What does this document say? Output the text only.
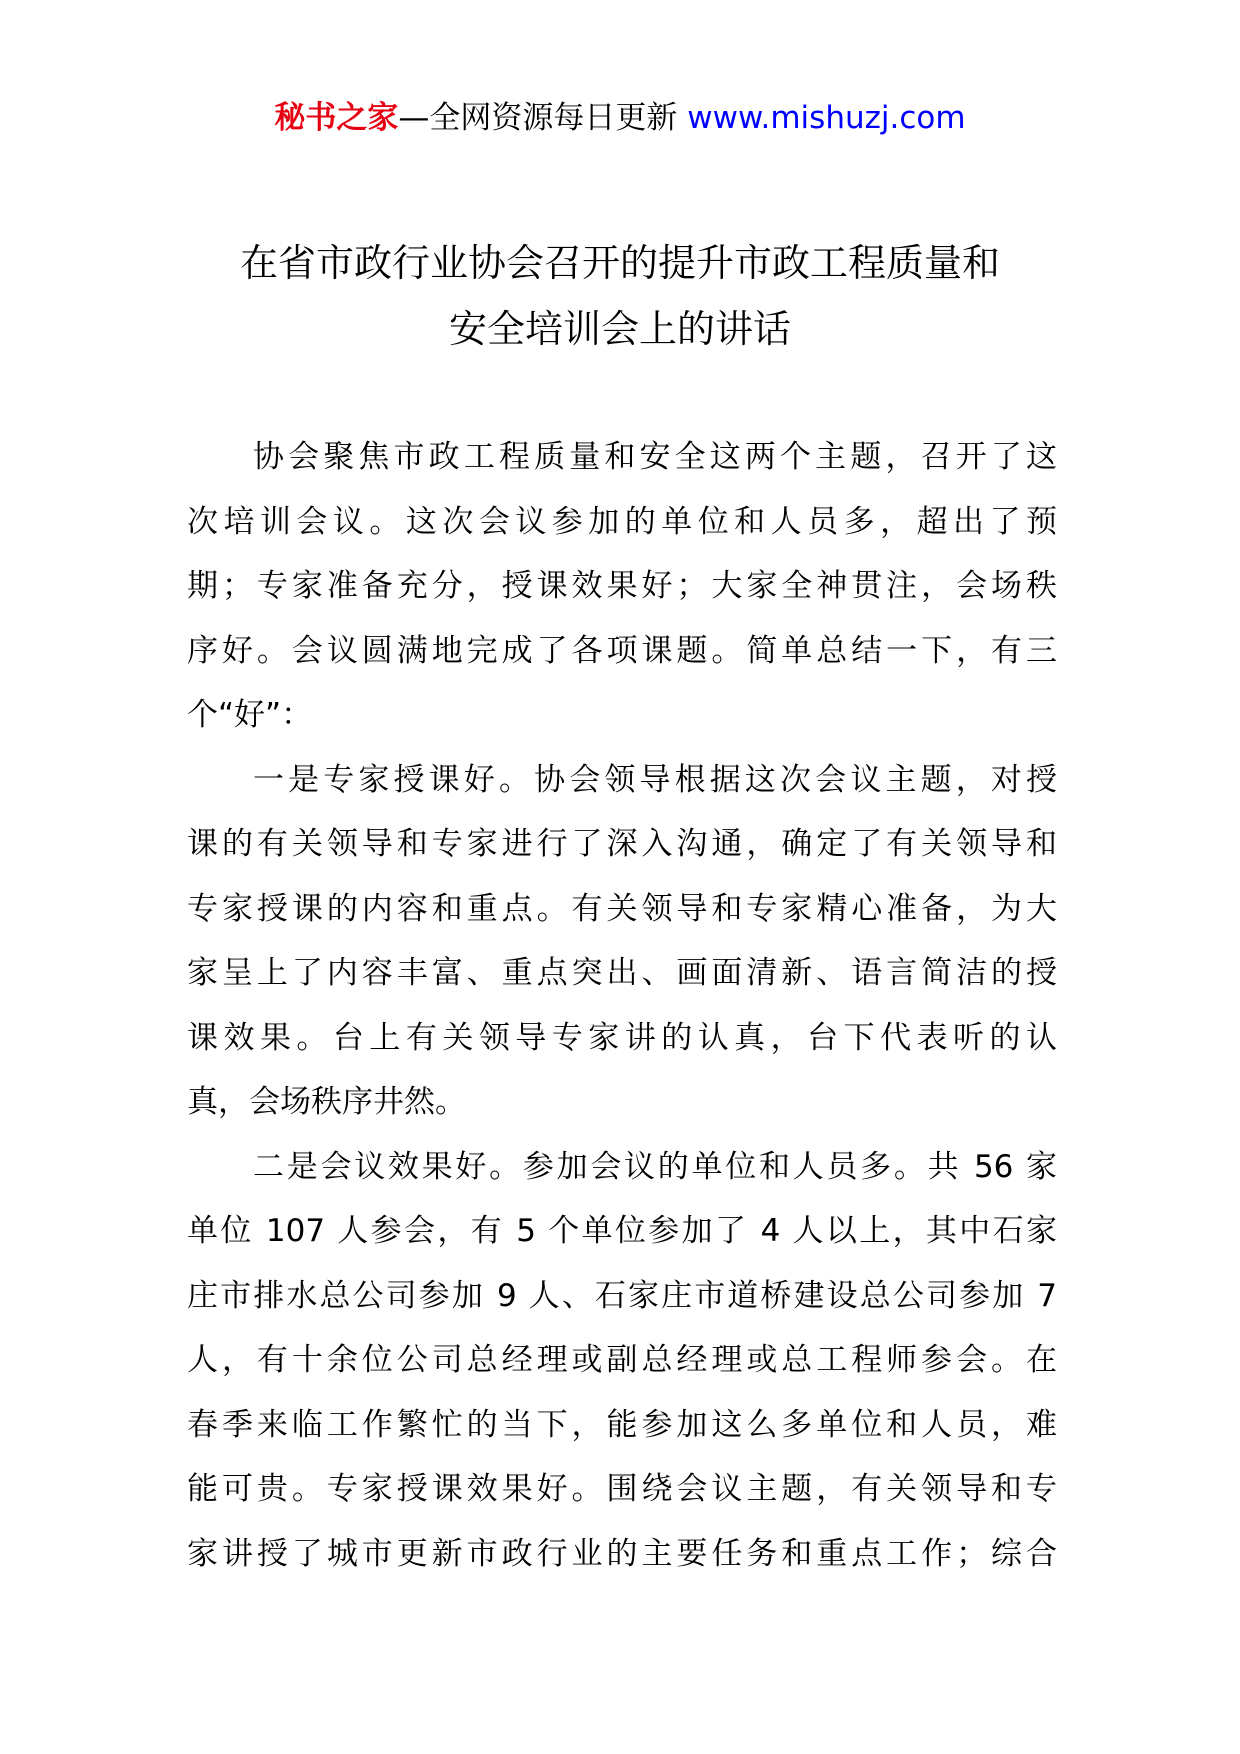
秘书之家—全网资源每日更新 www.mishuzj.com
在省市政行业协会召开的提升市政工程质量和
安全培训会上的讲话
协会聚焦市政工程质量和安全这两个主题，召开了这
次培训会议。这次会议参加的单位和人员多，超出了预
期；专家准备充分，授课效果好；大家全神贯注，会场秩
序好。会议圆满地完成了各项课题。简单总结一下，有三
个“好”：
一是专家授课好。协会领导根据这次会议主题，对授
课的有关领导和专家进行了深入沟通，确定了有关领导和
专家授课的内容和重点。有关领导和专家精心准备，为大
家呈上了内容丰富、重点突出、画面清新、语言简洁的授
课效果。台上有关领导专家讲的认真，台下代表听的认
真，会场秩序井然。
二是会议效果好。参加会议的单位和人员多。共 56 家
单位 107 人参会，有 5 个单位参加了 4 人以上，其中石家
庄市排水总公司参加 9 人、石家庄市道桥建设总公司参加 7
人，有十余位公司总经理或副总经理或总工程师参会。在
春季来临工作繁忙的当下，能参加这么多单位和人员，难
能可贵。专家授课效果好。围绕会议主题，有关领导和专
家讲授了城市更新市政行业的主要任务和重点工作；综合
